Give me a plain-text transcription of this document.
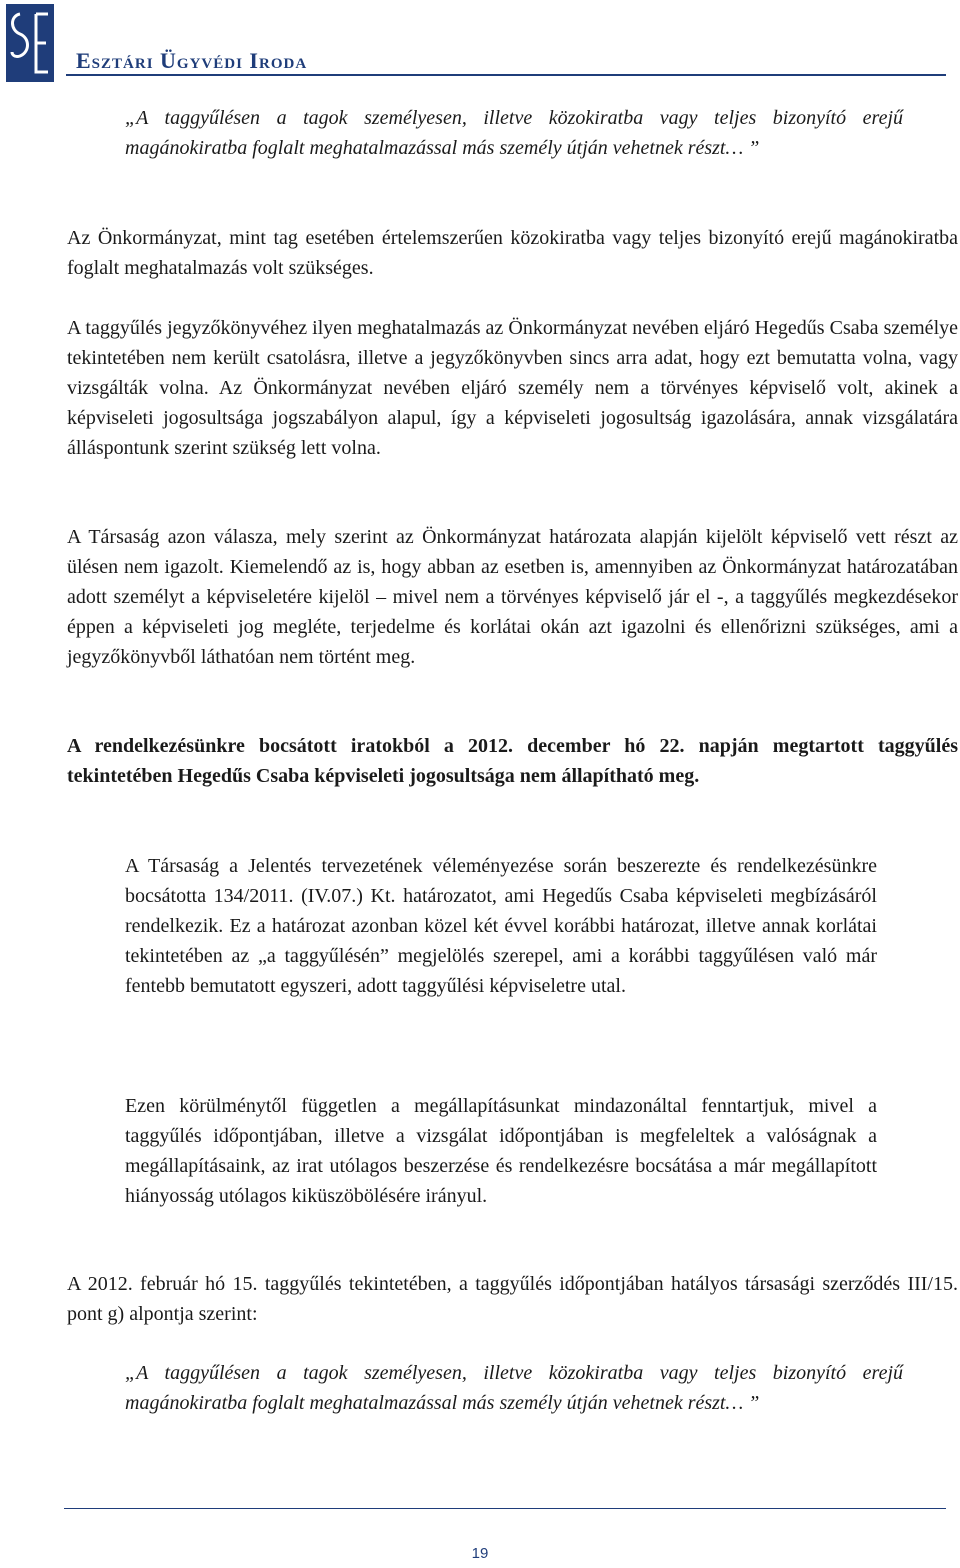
Esztári Ügyvédi Iroda
„A taggyűlésen a tagok személyesen, illetve közokiratba vagy teljes bizonyító erejű magánokiratba foglalt meghatalmazással más személy útján vehetnek részt… ”
Az Önkormányzat, mint tag esetében értelemszerűen közokiratba vagy teljes bizonyító erejű magánokiratba foglalt meghatalmazás volt szükséges.
A taggyűlés jegyzőkönyvéhez ilyen meghatalmazás az Önkormányzat nevében eljáró Hegedűs Csaba személye tekintetében nem került csatolásra, illetve a jegyzőkönyvben sincs arra adat, hogy ezt bemutatta volna, vagy vizsgálták volna. Az Önkormányzat nevében eljáró személy nem a törvényes képviselő volt, akinek a képviseleti jogosultsága jogszabályon alapul, így a képviseleti jogosultság igazolására, annak vizsgálatára álláspontunk szerint szükség lett volna.
A Társaság azon válasza, mely szerint az Önkormányzat határozata alapján kijelölt képviselő vett részt az ülésen nem igazolt. Kiemelendő az is, hogy abban az esetben is, amennyiben az Önkormányzat határozatában adott személyt a képviseletére kijelöl – mivel nem a törvényes képviselő jár el -, a taggyűlés megkezdésekor éppen a képviseleti jog megléte, terjedelme és korlátai okán azt igazolni és ellenőrizni szükséges, ami a jegyzőkönyvből láthatóan nem történt meg.
A rendelkezésünkre bocsátott iratokból a 2012. december hó 22. napján megtartott taggyűlés tekintetében Hegedűs Csaba képviseleti jogosultsága nem állapítható meg.
A Társaság a Jelentés tervezetének véleményezése során beszerezte és rendelkezésünkre bocsátotta 134/2011. (IV.07.) Kt. határozatot, ami Hegedűs Csaba képviseleti megbízásáról rendelkezik. Ez a határozat azonban közel két évvel korábbi határozat, illetve annak korlátai tekintetében az „a taggyűlésén” megjelölés szerepel, ami a korábbi taggyűlésen való már fentebb bemutatott egyszeri, adott taggyűlési képviseletre utal.
Ezen körülménytől független a megállapításunkat mindazonáltal fenntartjuk, mivel a taggyűlés időpontjában, illetve a vizsgálat időpontjában is megfeleltek a valóságnak a megállapításaink, az irat utólagos beszerzése és rendelkezésre bocsátása a már megállapított hiányosság utólagos kiküszöbölésére irányul.
A 2012. február hó 15. taggyűlés tekintetében, a taggyűlés időpontjában hatályos társasági szerződés III/15. pont g) alpontja szerint:
„A taggyűlésen a tagok személyesen, illetve közokiratba vagy teljes bizonyító erejű magánokiratba foglalt meghatalmazással más személy útján vehetnek részt… ”
19
